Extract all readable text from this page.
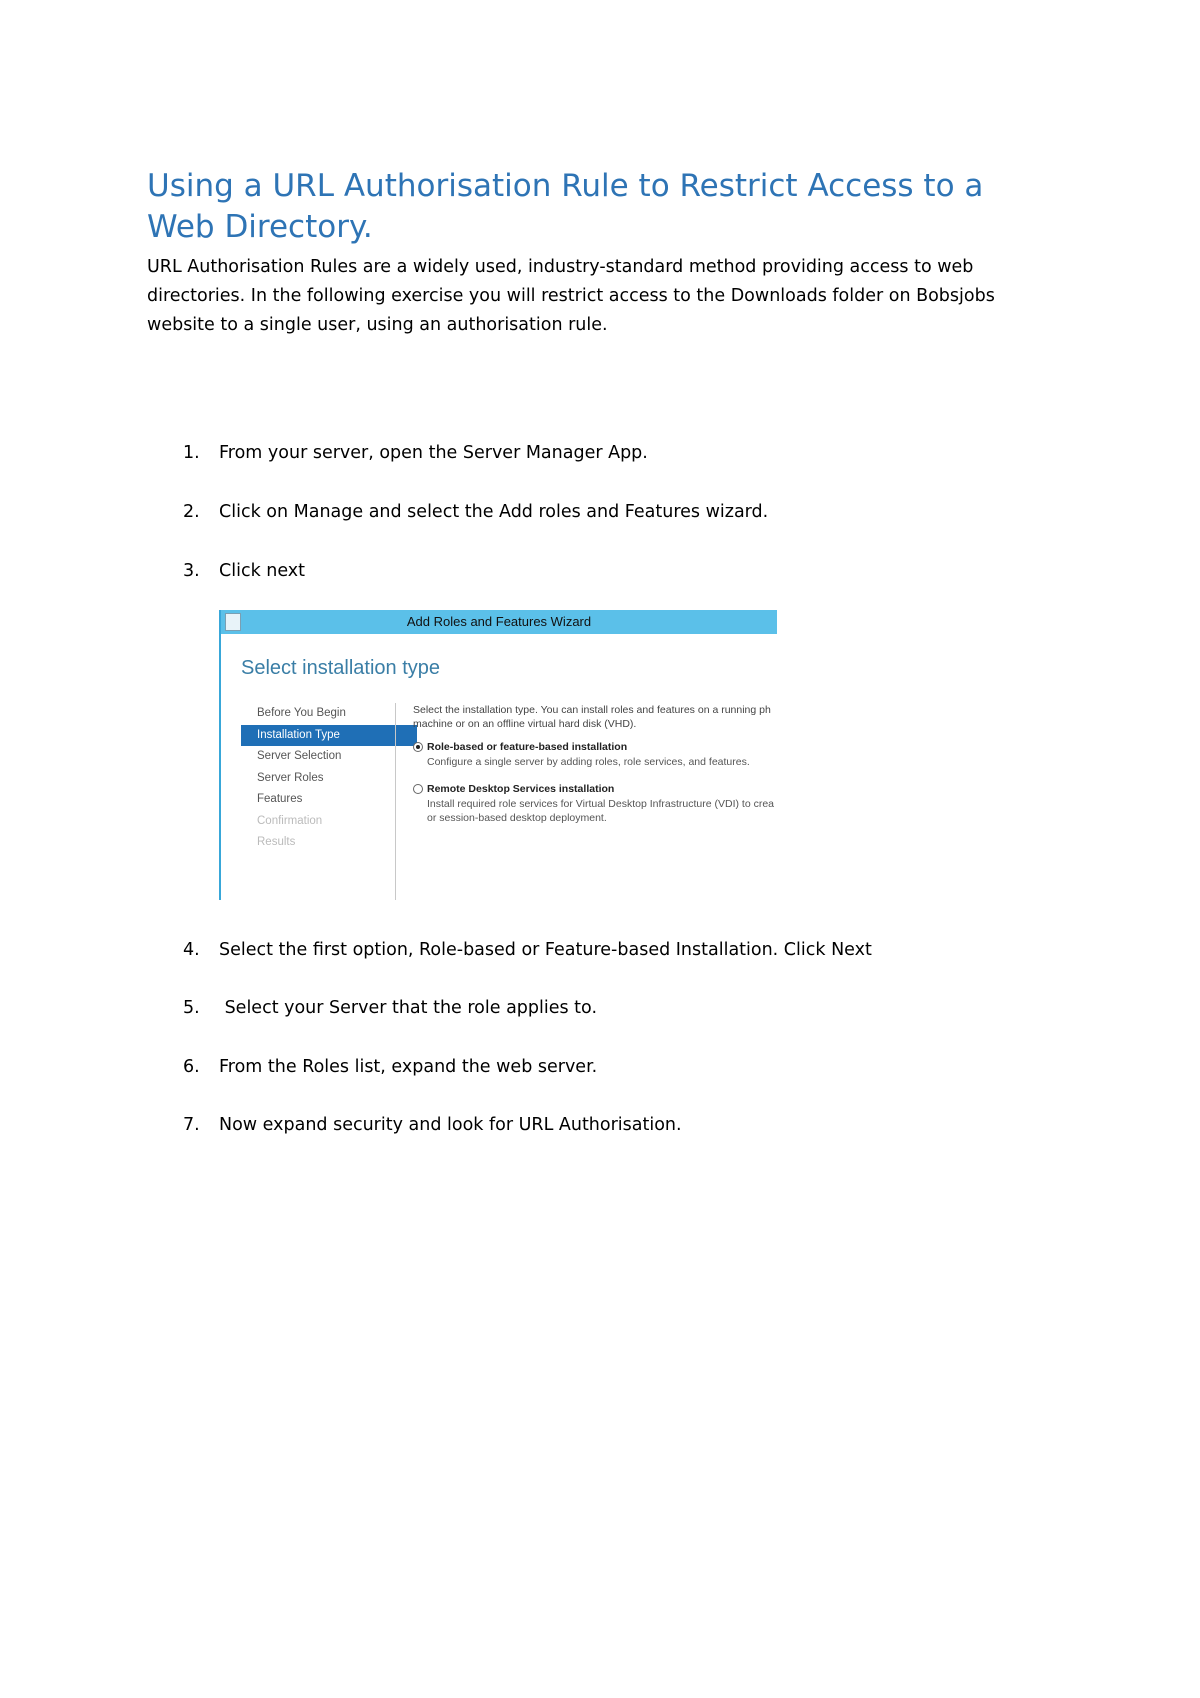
Using a URL Authorisation Rule to Restrict Access to a Web Directory.

URL Authorisation Rules are a widely used, industry-standard method providing access to web directories. In the following exercise you will restrict access to the Downloads folder on Bobsjobs website to a single user, using an authorisation rule.

1.	From your server, open the Server Manager App.
2.	Click on Manage and select the Add roles and Features wizard.
3.	Click next
Add Roles and Features Wizard
Select installation type
Before You Begin
Installation Type
Server Selection
Server Roles
Features
Confirmation
Results
Select the installation type. You can install roles and features on a running ph
machine or on an offline virtual hard disk (VHD).
Role-based or feature-based installation
Configure a single server by adding roles, role services, and features.
Remote Desktop Services installation
Install required role services for Virtual Desktop Infrastructure (VDI) to crea
or session-based desktop deployment.
4.	Select the first option, Role-based or Feature-based Installation. Click Next
5.	Select your Server that the role applies to.
6.	From the Roles list, expand the web server.
7.	Now expand security and look for URL Authorisation.
